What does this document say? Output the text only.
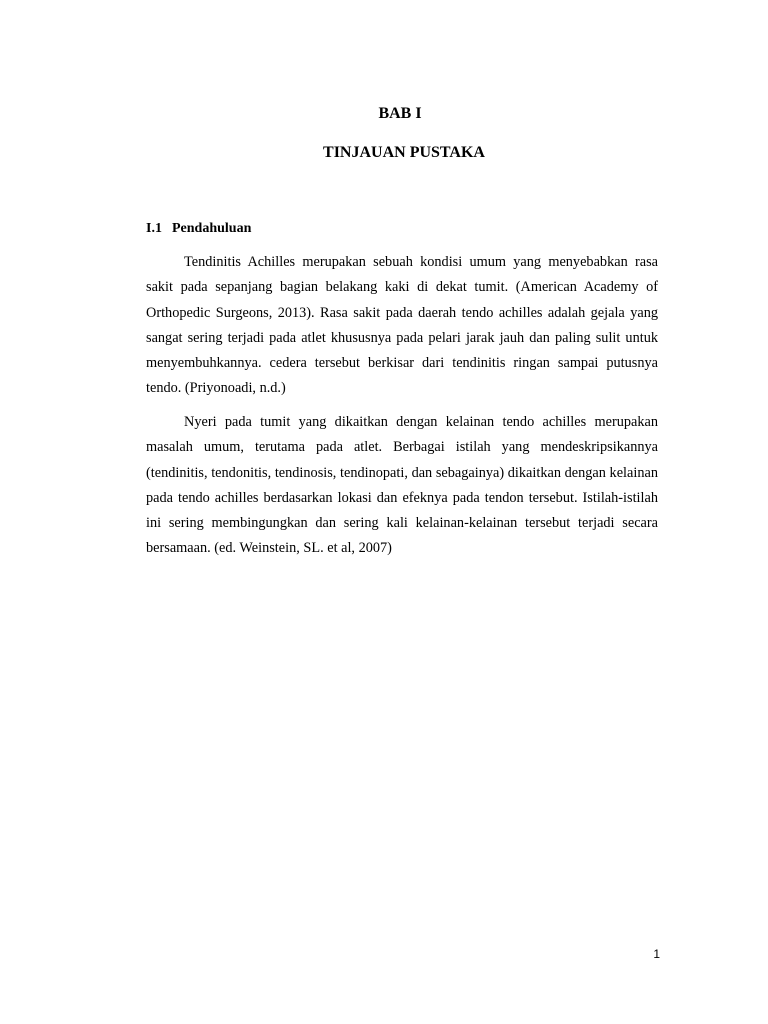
BAB I
TINJAUAN PUSTAKA
I.1 Pendahuluan

Tendinitis Achilles merupakan sebuah kondisi umum yang menyebabkan rasa sakit pada sepanjang bagian belakang kaki di dekat tumit. (American Academy of Orthopedic Surgeons, 2013). Rasa sakit pada daerah tendo achilles adalah gejala yang sangat sering terjadi pada atlet khususnya pada pelari jarak jauh dan paling sulit untuk menyembuhkannya. cedera tersebut berkisar dari tendinitis ringan sampai putusnya tendo. (Priyonoadi, n.d.)

Nyeri pada tumit yang dikaitkan dengan kelainan tendo achilles merupakan masalah umum, terutama pada atlet. Berbagai istilah yang mendeskripsikannya (tendinitis, tendonitis, tendinosis, tendinopati, dan sebagainya) dikaitkan dengan kelainan pada tendo achilles berdasarkan lokasi dan efeknya pada tendon tersebut. Istilah-istilah ini sering membingungkan dan sering kali kelainan-kelainan tersebut terjadi secara bersamaan. (ed. Weinstein, SL. et al, 2007)

1
